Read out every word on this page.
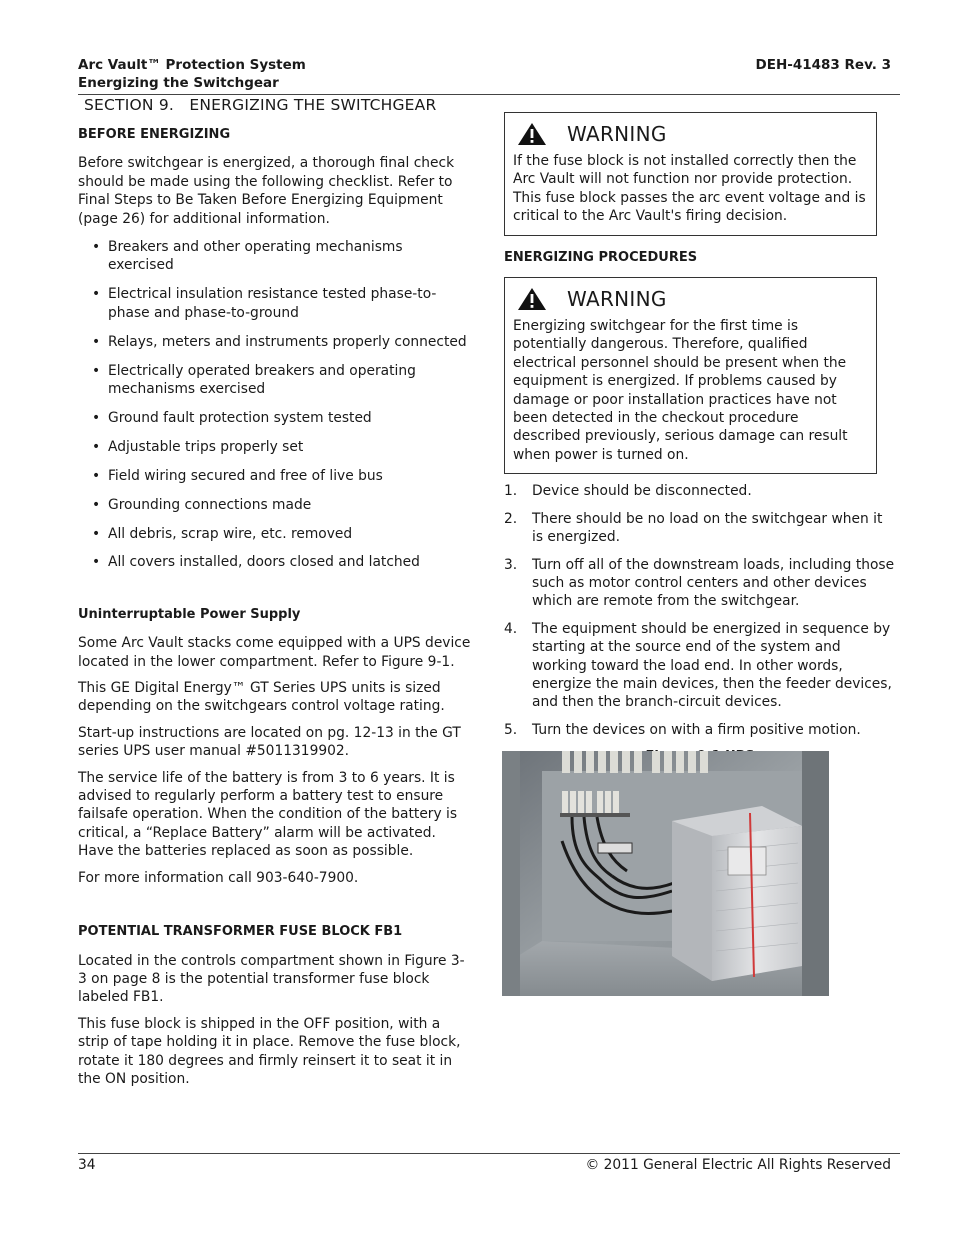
Arc Vault™ Protection System
Energizing the Switchgear
DEH-41483 Rev. 3
SECTION 9.   ENERGIZING THE SWITCHGEAR
BEFORE ENERGIZING

Before switchgear is energized, a thorough final check should be made using the following checklist. Refer to Final Steps to Be Taken Before Energizing Equipment (page 26) for additional information.

• Breakers and other operating mechanisms exercised
• Electrical insulation resistance tested phase-to- phase and phase-to-ground
• Relays, meters and instruments properly connected
• Electrically operated breakers and operating mechanisms exercised
• Ground fault protection system tested
• Adjustable trips properly set
• Field wiring secured and free of live bus
• Grounding connections made
• All debris, scrap wire, etc. removed
• All covers installed, doors closed and latched
Uninterruptable Power Supply

Some Arc Vault stacks come equipped with a UPS device located in the lower compartment. Refer to Figure 9-1.

This GE Digital Energy™ GT Series UPS units is sized depending on the switchgears control voltage rating.

Start-up instructions are located on pg. 12-13 in the GT series UPS user manual #5011319902.

The service life of the battery is from 3 to 6 years. It is advised to regularly perform a battery test to ensure failsafe operation. When the condition of the battery is critical, a “Replace Battery” alarm will be activated. Have the batteries replaced as soon as possible.

For more information call 903-640-7900.

POTENTIAL TRANSFORMER FUSE BLOCK FB1

Located in the controls compartment shown in Figure 3-3 on page 8 is the potential transformer fuse block labeled FB1.

This fuse block is shipped in the OFF position, with a strip of tape holding it in place. Remove the fuse block, rotate it 180 degrees and firmly reinsert it to seat it in the ON position.

WARNING

If the fuse block is not installed correctly then the Arc Vault will not function nor provide protection. This fuse block passes the arc event voltage and is critical to the Arc Vault's firing decision.

ENERGIZING PROCEDURES
WARNING

Energizing switchgear for the first time is potentially dangerous. Therefore, qualified electrical personnel should be present when the equipment is energized. If problems caused by damage or poor installation practices have not been detected in the checkout procedure described previously, serious damage can result when power is turned on.

1. Device should be disconnected.
2. There should be no load on the switchgear when it is energized.
3. Turn off all of the downstream loads, including those such as motor control centers and other devices which are remote from the switchgear.
4. The equipment should be energized in sequence by starting at the source end of the system and working toward the load end. In other words, energize the main devices, then the feeder devices, and then the branch-circuit devices.
5. Turn the devices on with a firm positive motion.
34	© 2011 General Electric All Rights Reserved
